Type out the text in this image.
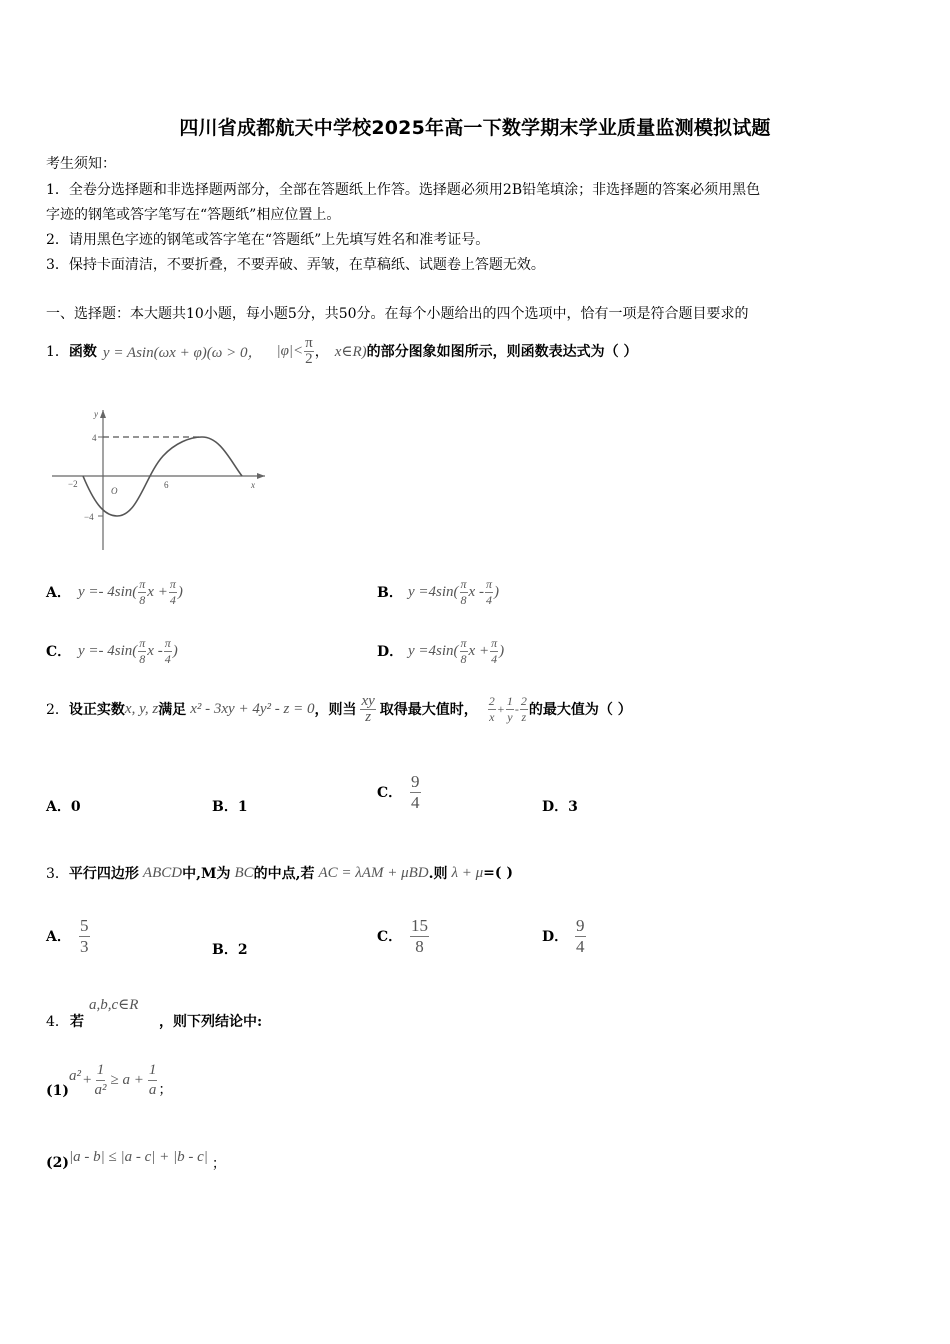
四川省成都航天中学校2025年高一下数学期末学业质量监测模拟试题
考生须知：
1．全卷分选择题和非选择题两部分，全部在答题纸上作答。选择题必须用2B铅笔填涂；非选择题的答案必须用黑色
字迹的钢笔或答字笔写在“答题纸”相应位置上。
2．请用黑色字迹的钢笔或答字笔在“答题纸”上先填写姓名和准考证号。
3．保持卡面清洁，不要折叠，不要弄破、弄皱，在草稿纸、试题卷上答题无效。
一、选择题：本大题共10小题，每小题5分，共50分。在每个小题给出的四个选项中，恰有一项是符合题目要求的
1． 函数 y = Asin(ωx + φ)(ω > 0， $|\varphi|< \frac{\pi}{2}$ ， x∈R) 的部分图象如图所示，则函数表达式为（ ）
y
x
4
−4
−2	6
O
A． $y =- 4\sin( \frac{\pi}{8}$ $x + \frac{\pi}{4}$ )	B． $y =4\sin( \frac{\pi}{8}$ x - $\frac{\pi}{4}$ )
C． $y =- 4\sin( \frac{\pi}{8}$ x - $\frac{\pi}{4}$ )	D． $y =4\sin( \frac{\pi}{8}$ $x + \frac{\pi}{4}$ )
2． 设正实数 x, y, z 满足 x² - 3xy + 4y² - z = 0 ，则当 $\frac{xy}{z}$ 取得最大值时， $\frac{2}{x} + \frac{1}{y} - \frac{2}{z}$ 的最大值为（ ）
A．0	B．1
C． $\frac{9}{4}$	D．3
3． 平行四边形 ABCD 中,M为 BC 的中点,若 AC = λAM + μBD .则 λ + μ =( )
A． $\frac{5}{3}$	B．2
C． $\frac{15}{8}$	D． $\frac{9}{4}$
4． 若
a,b,c∈R
，则下列结论中:
(1)
$a^2 + \frac{1}{\text{a²}} \ge a + \frac{1}{a}$ ；
(2) |a - b| ≤ |a - c| + |b - c| ；
